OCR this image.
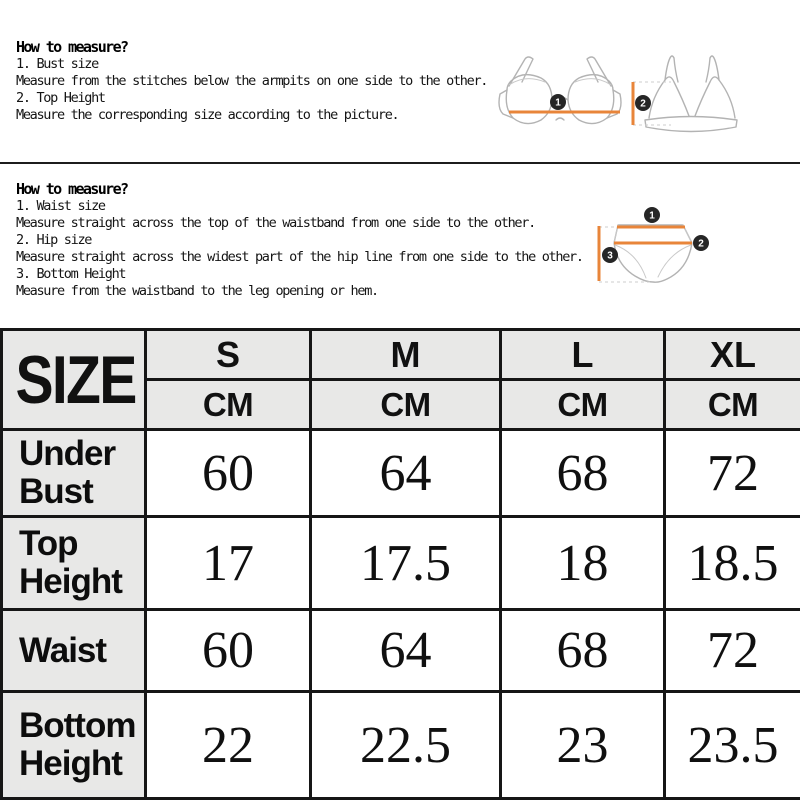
How to measure?
1. Bust size
Measure from the stitches below the armpits on one side to the other.
2. Top Height
Measure the corresponding size according to the picture.
1	2
How to measure?
1. Waist size
Measure straight across the top of the waistband from one side to the other.
2. Hip size
Measure straight across the widest part of the hip line from one side to the other.
3. Bottom Height
Measure from the waistband to the leg opening or hem.
1
2
3
SIZE	S	M	L	XL
	CM	CM	CM	CM
Under Bust	60	64	68	72
Top Height	17	17.5	18	18.5
Waist	60	64	68	72
Bottom Height	22	22.5	23	23.5
